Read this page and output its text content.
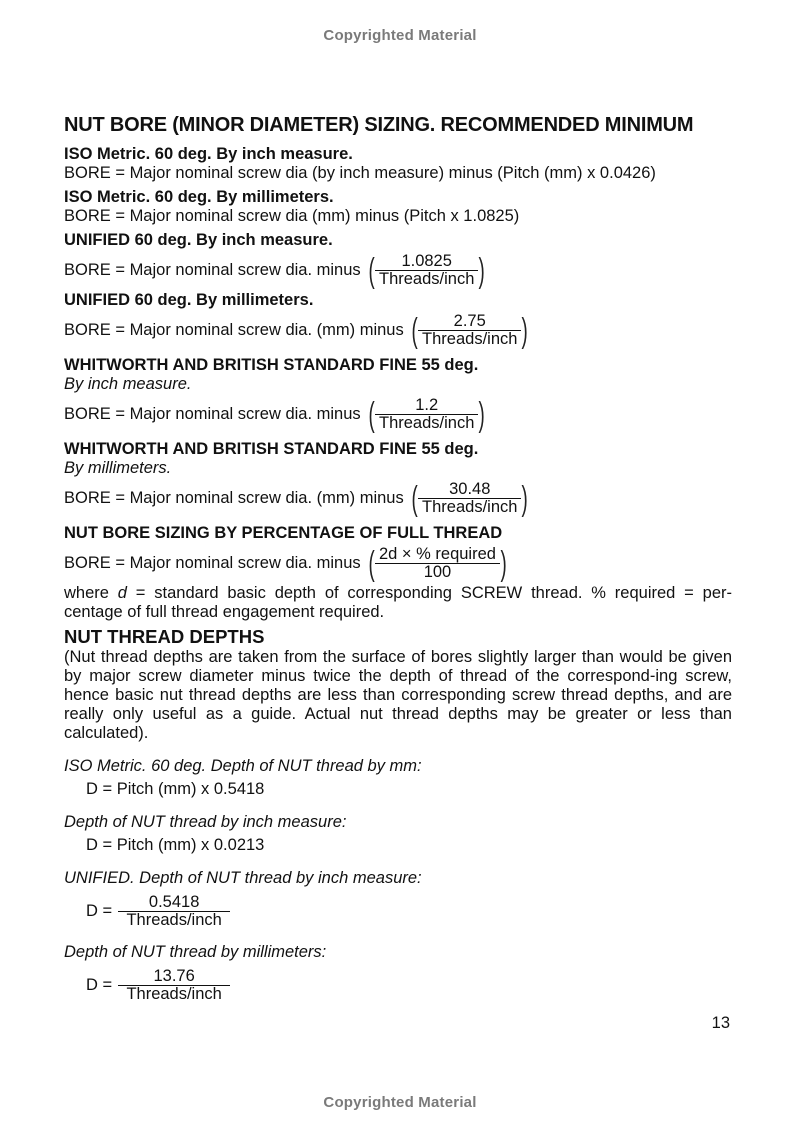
Copyrighted Material
NUT BORE (MINOR DIAMETER) SIZING. RECOMMENDED MINIMUM

ISO Metric. 60 deg. By inch measure.

BORE = Major nominal screw dia (by inch measure) minus (Pitch (mm) x 0.0426)

ISO Metric. 60 deg. By millimeters.

BORE = Major nominal screw dia (mm) minus (Pitch x 1.0825)

UNIFIED 60 deg. By inch measure.

BORE = Major nominal screw dia. minus ( $\frac{1.0825}{\text{Threads/inch}}$ )

UNIFIED 60 deg. By millimeters.

BORE = Major nominal screw dia. (mm) minus ( $\frac{2.75}{\text{Threads/inch}}$ )

WHITWORTH AND BRITISH STANDARD FINE 55 deg.

By inch measure.

BORE = Major nominal screw dia. minus ( $\frac{1.2}{\text{Threads/inch}}$ )

WHITWORTH AND BRITISH STANDARD FINE 55 deg.

By millimeters.

BORE = Major nominal screw dia. (mm) minus ( $\frac{30.48}{\text{Threads/inch}}$ )

NUT BORE SIZING BY PERCENTAGE OF FULL THREAD

BORE = Major nominal screw dia. minus ( $\frac{\text{2d × \% required}}{100}$ )

where d = standard basic depth of corresponding SCREW thread. % required = per-centage of full thread engagement required.

NUT THREAD DEPTHS

(Nut thread depths are taken from the surface of bores slightly larger than would be given by major screw diameter minus twice the depth of thread of the correspond-ing screw, hence basic nut thread depths are less than corresponding screw thread depths, and are really only useful as a guide. Actual nut thread depths may be greater or less than calculated).

ISO Metric. 60 deg. Depth of NUT thread by mm:

D = Pitch (mm) x 0.5418

Depth of NUT thread by inch measure:

D = Pitch (mm) x 0.0213

UNIFIED. Depth of NUT thread by inch measure:

$D = \frac{0.5418}{\text{Threads/inch}}$

Depth of NUT thread by millimeters:

$D = \frac{13.76}{\text{Threads/inch}}$
13
Copyrighted Material
